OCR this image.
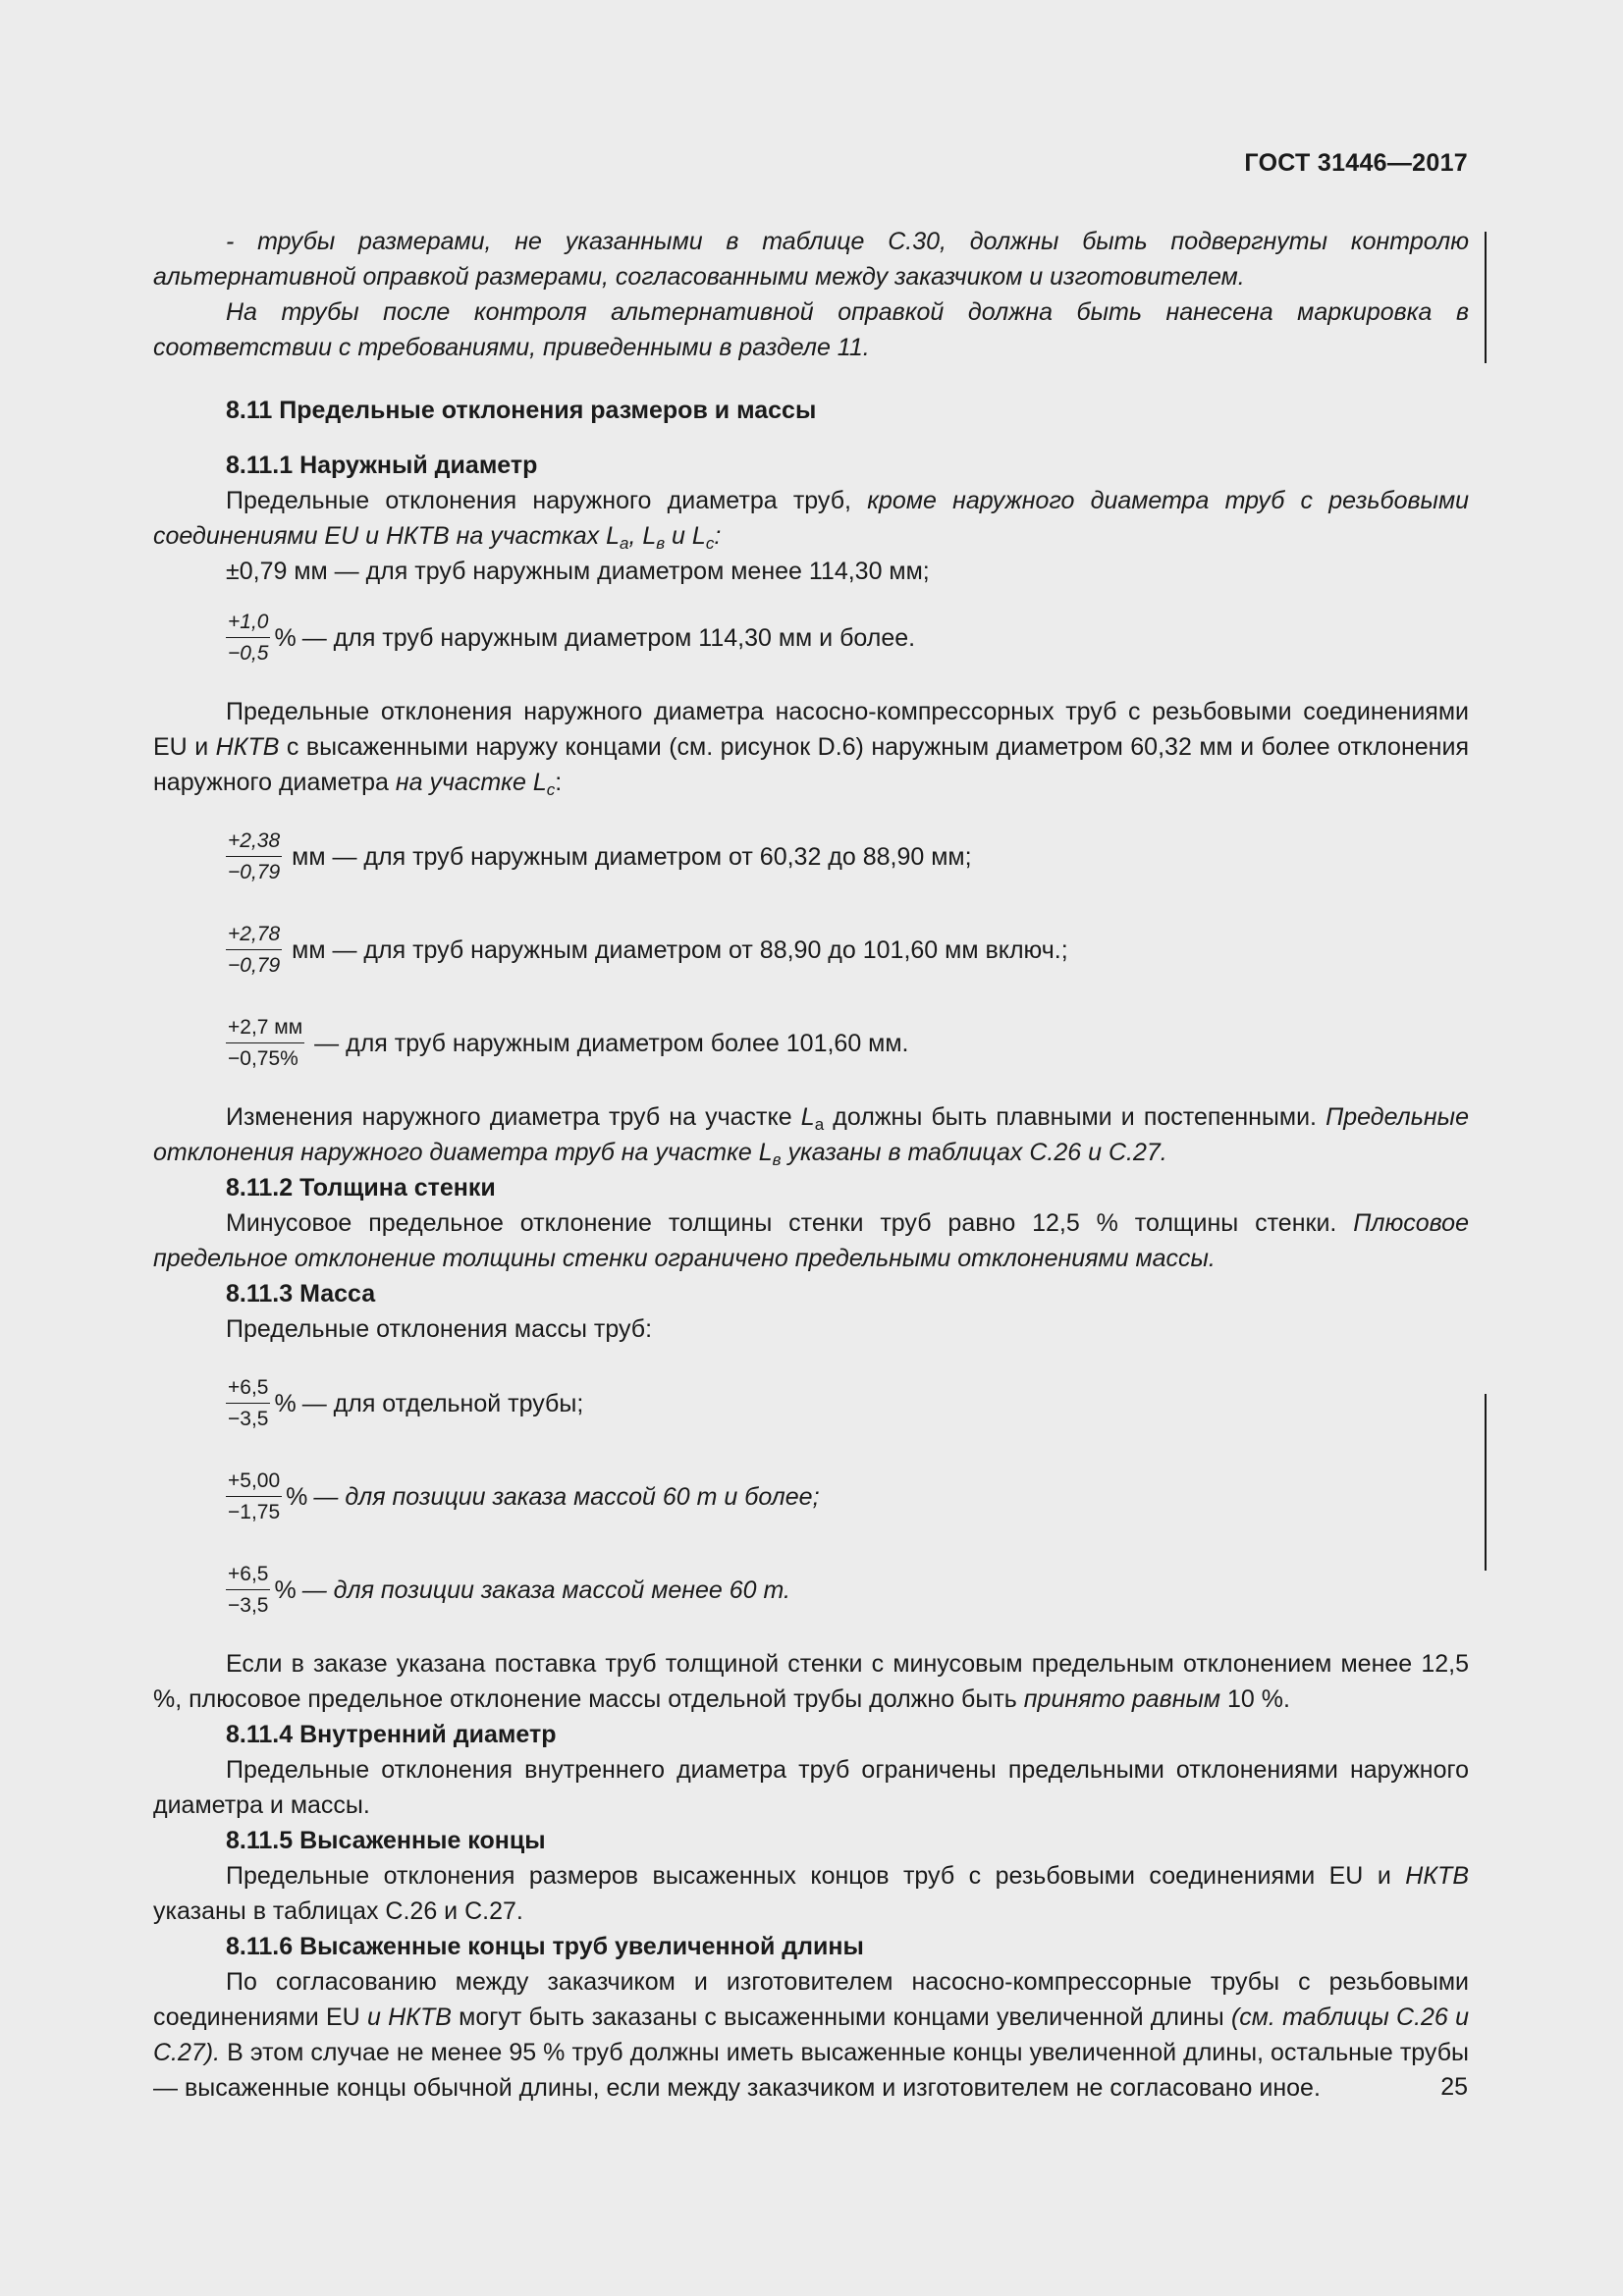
ГОСТ 31446—2017

- трубы размерами, не указанными в таблице С.30, должны быть подвергнуты контролю альтернативной оправкой размерами, согласованными между заказчиком и изготовителем.

На трубы после контроля альтернативной оправкой должна быть нанесена маркировка в соответствии с требованиями, приведенными в разделе 11.

8.11 Предельные отклонения размеров и массы

8.11.1 Наружный диаметр

Предельные отклонения наружного диаметра труб, кроме наружного диаметра труб с резьбовыми соединениями EU и НКТВ на участках $L_а$, $L_в$ и $L_с$:

±0,79 мм — для труб наружным диаметром менее 114,30 мм;

$\frac{+1,0}{-0,5}$ % — для труб наружным диаметром 114,30 мм и более.

Предельные отклонения наружного диаметра насосно-компрессорных труб с резьбовыми соединениями EU и НКТВ с высаженными наружу концами (см. рисунок D.6) наружным диаметром 60,32 мм и более отклонения наружного диаметра на участке $L_с$:

$\frac{+2,38}{-0,79}$ мм — для труб наружным диаметром от 60,32 до 88,90 мм;
$\frac{+2,78}{-0,79}$ мм — для труб наружным диаметром от 88,90 до 101,60 мм включ.;
$\frac{+2,7 мм}{-0,75\%}$ — для труб наружным диаметром более 101,60 мм.

Изменения наружного диаметра труб на участке $L_а$ должны быть плавными и постепенными. Предельные отклонения наружного диаметра труб на участке $L_в$ указаны в таблицах С.26 и С.27.

8.11.2 Толщина стенки

Минусовое предельное отклонение толщины стенки труб равно 12,5 % толщины стенки. Плюсовое предельное отклонение толщины стенки ограничено предельными отклонениями массы.

8.11.3 Масса

Предельные отклонения массы труб:

$\frac{+6,5}{-3,5}$ % — для отдельной трубы;
$\frac{+5,00}{-1,75}$ % — для позиции заказа массой 60 т и более;
$\frac{+6,5}{-3,5}$ % — для позиции заказа массой менее 60 т.

Если в заказе указана поставка труб толщиной стенки с минусовым предельным отклонением менее 12,5 %, плюсовое предельное отклонение массы отдельной трубы должно быть принято равным 10 %.

8.11.4 Внутренний диаметр

Предельные отклонения внутреннего диаметра труб ограничены предельными отклонениями наружного диаметра и массы.

8.11.5 Высаженные концы

Предельные отклонения размеров высаженных концов труб с резьбовыми соединениями EU и НКТВ указаны в таблицах С.26 и С.27.

8.11.6 Высаженные концы труб увеличенной длины

По согласованию между заказчиком и изготовителем насосно-компрессорные трубы с резьбовыми соединениями EU и НКТВ могут быть заказаны с высаженными концами увеличенной длины (см. таблицы С.26 и С.27). В этом случае не менее 95 % труб должны иметь высаженные концы увеличенной длины, остальные трубы — высаженные концы обычной длины, если между заказчиком и изготовителем не согласовано иное.	25
